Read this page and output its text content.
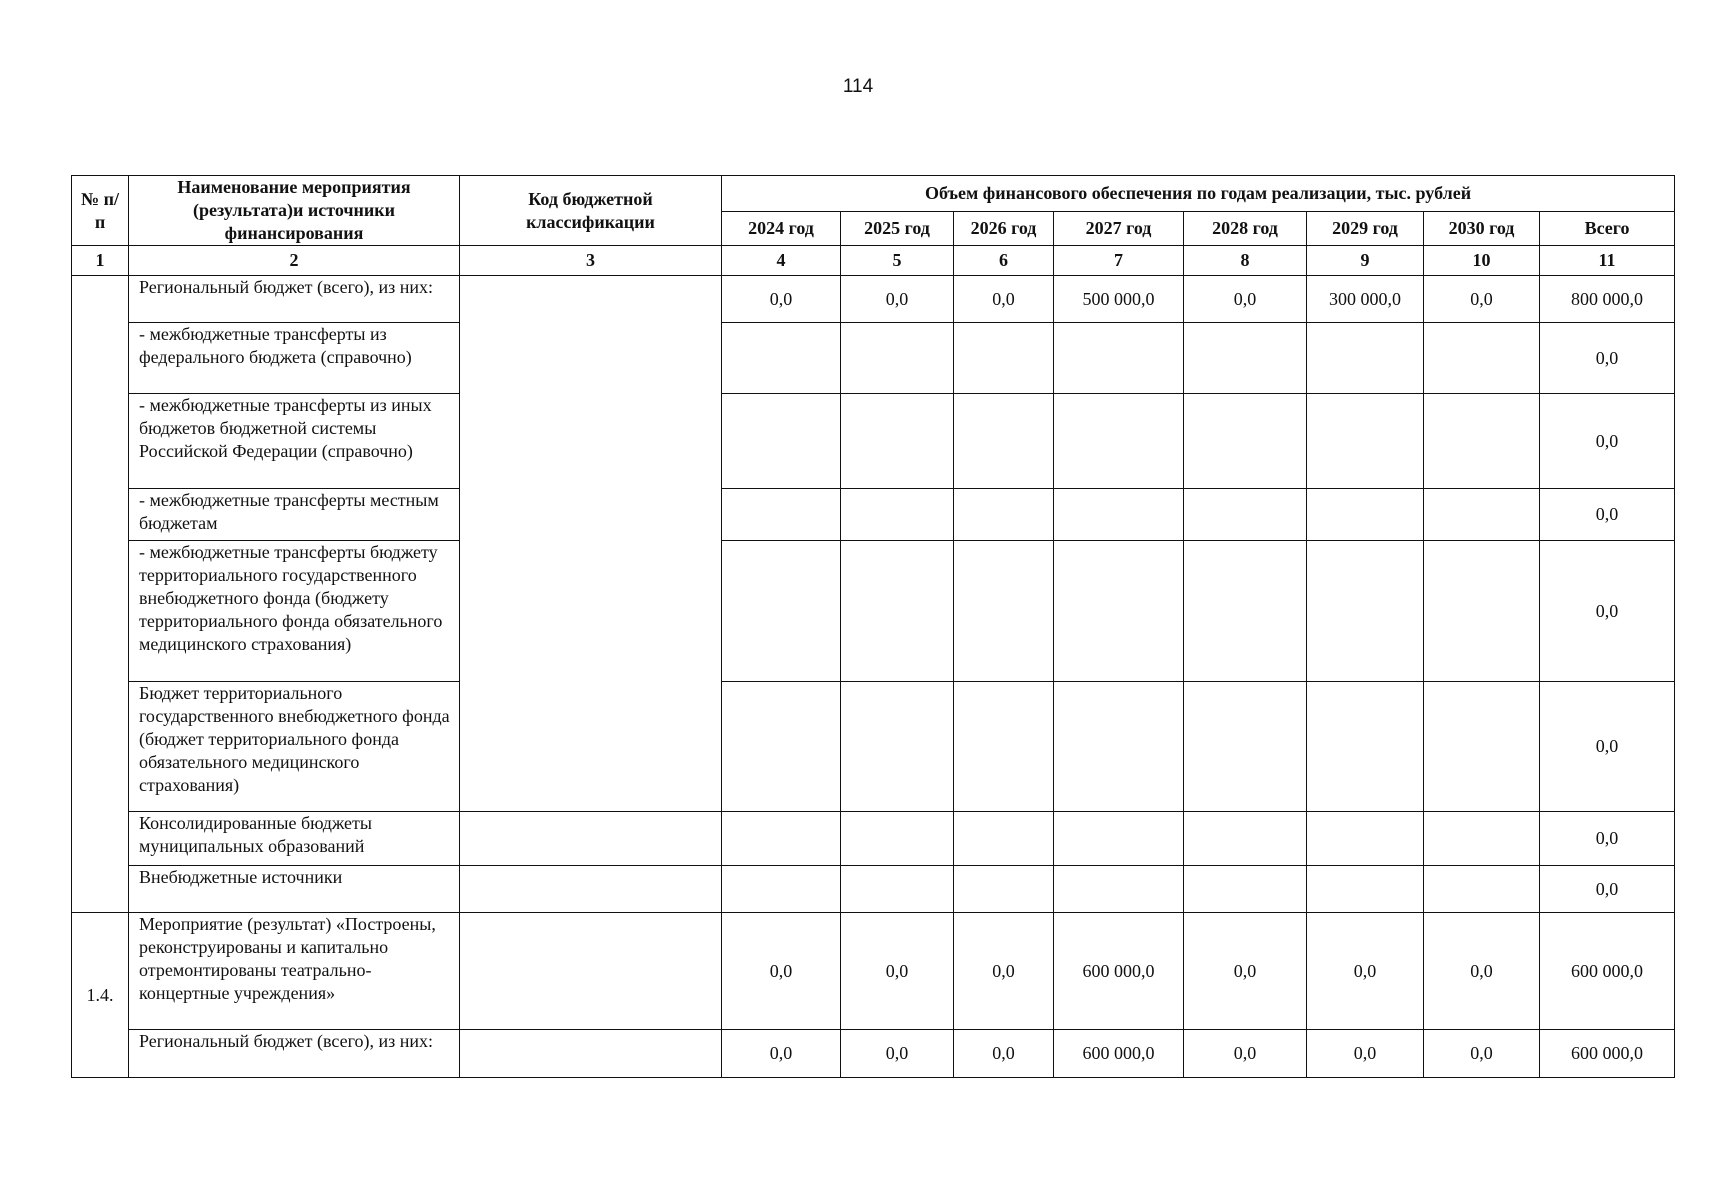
114
№ п/п	Наименование мероприятия (результата)и источники финансирования	Код бюджетной классификации	Объем финансового обеспечения по годам реализации, тыс. рублей							
			2024 год	2025 год	2026 год	2027 год	2028 год	2029 год	2030 год	Всего
1	2	3	4	5	6	7	8	9	10	11
	Региональный бюджет (всего), из них:		0,0	0,0	0,0	500 000,0	0,0	300 000,0	0,0	800 000,0
	- межбюджетные трансферты из федерального бюджета (справочно)									0,0
	- межбюджетные трансферты из иных бюджетов бюджетной системы Российской Федерации (справочно)									0,0
	- межбюджетные трансферты местным бюджетам									0,0
	- межбюджетные трансферты бюджету территориального государственного внебюджетного фонда (бюджету территориального фонда обязательного медицинского страхования)									0,0
	Бюджет территориального государственного внебюджетного фонда (бюджет территориального фонда обязательного медицинского страхования)									0,0
	Консолидированные бюджеты муниципальных образований									0,0
	Внебюджетные источники									0,0
1.4.	Мероприятие (результат) «Построены, реконструированы и капитально отремонтированы театрально-концертные учреждения»		0,0	0,0	0,0	600 000,0	0,0	0,0	0,0	600 000,0
	Региональный бюджет (всего), из них:		0,0	0,0	0,0	600 000,0	0,0	0,0	0,0	600 000,0
